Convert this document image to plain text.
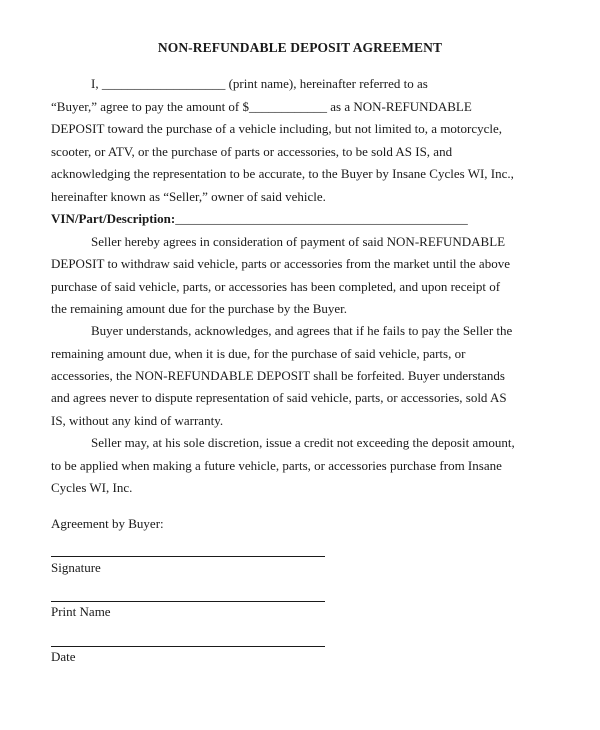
NON-REFUNDABLE DEPOSIT AGREEMENT
I, ___________________ (print name), hereinafter referred to as
“Buyer,” agree to pay the amount of $____________ as a NON-REFUNDABLE
DEPOSIT toward the purchase of a vehicle including, but not limited to, a motorcycle,
scooter, or ATV, or the purchase of parts or accessories, to be sold AS IS, and
acknowledging the representation to be accurate, to the Buyer by Insane Cycles WI, Inc.,
hereinafter known as “Seller,” owner of said vehicle.
VIN/Part/Description:_____________________________________________
Seller hereby agrees in consideration of payment of said NON-REFUNDABLE
DEPOSIT to withdraw said vehicle, parts or accessories from the market until the above
purchase of said vehicle, parts, or accessories has been completed, and upon receipt of
the remaining amount due for the purchase by the Buyer.
Buyer understands, acknowledges, and agrees that if he fails to pay the Seller the
remaining amount due, when it is due, for the purchase of said vehicle, parts, or
accessories, the NON-REFUNDABLE DEPOSIT shall be forfeited. Buyer understands
and agrees never to dispute representation of said vehicle, parts, or accessories, sold AS
IS, without any kind of warranty.
Seller may, at his sole discretion, issue a credit not exceeding the deposit amount,
to be applied when making a future vehicle, parts, or accessories purchase from Insane
Cycles WI, Inc.
Agreement by Buyer:
Signature
Print Name
Date
